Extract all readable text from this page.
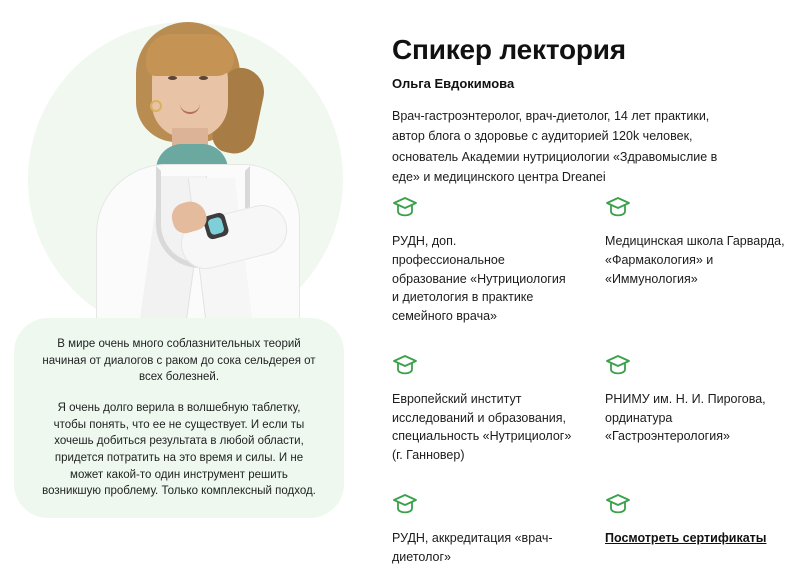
В мире очень много соблазнительных теорий начиная от диалогов с раком до сока сельдерея от всех болезней.

Я очень долго верила в волшебную таблетку, чтобы понять, что ее не существует. И если ты хочешь добиться результата в любой области, придется потратить на это время и силы. И не может какой-то один инструмент решить возникшую проблему. Только комплексный подход.

Спикер лектория
Ольга Евдокимова

Врач-гастроэнтеролог, врач-диетолог, 14 лет практики, автор блога о здоровье с аудиторией 120k человек, основатель Академии нутрициологии «Здравомыслие в еде» и медицинского центра Dreanei

РУДН, доп. профессиональное образование «Нутрициология и диетология в практике семейного врача»

Медицинская школа Гарварда, «Фармакология» и «Иммунология»

Европейский институт исследований и образования, специальность «Нутрициолог» (г. Ганновер)

РНИМУ им. Н. И. Пирогова, ординатура «Гастроэнтерология»

РУДН, аккредитация «врач-диетолог»

Посмотреть сертификаты
